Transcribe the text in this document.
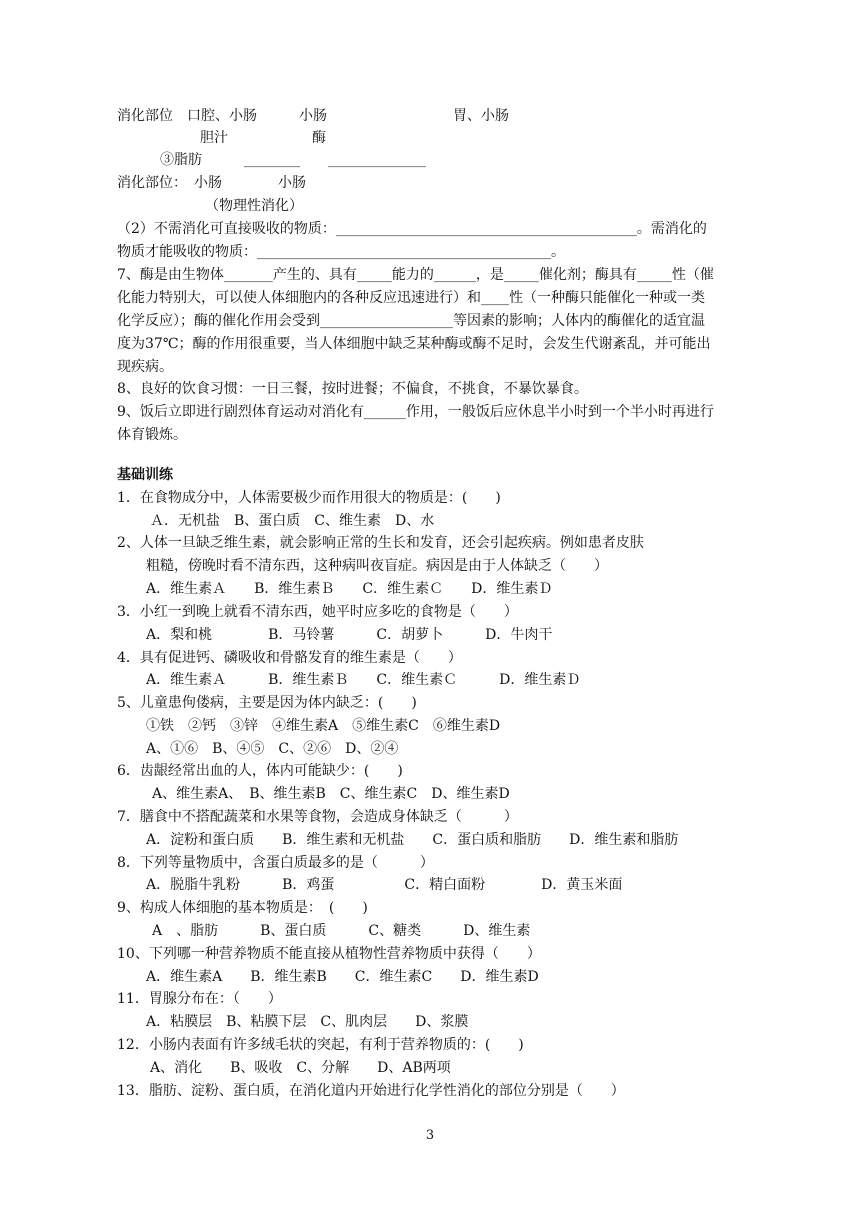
消化部位　口腔、小肠　　　小肠　　　　　　　　　胃、小肠
　　胆汁　　　　　　酶
③脂肪　　　________　　______________
消化部位：　小肠　　　　小肠
　（物理性消化）
（2）不需消化可直接吸收的物质：___________________________________________。需消化的
物质才能吸收的物质：__________________________________________。
7、酶是由生物体_______产生的、具有_____能力的______，是_____催化剂；酶具有_____性（催
化能力特别大，可以使人体细胞内的各种反应迅速进行）和____性（一种酶只能催化一种或一类
化学反应）；酶的催化作用会受到___________________等因素的影响；人体内的酶催化的适宜温
度为37℃；酶的作用很重要，当人体细胞中缺乏某种酶或酶不足时，会发生代谢紊乱，并可能出
现疾病。
8、良好的饮食习惯：一日三餐，按时进餐；不偏食，不挑食，不暴饮暴食。
9、饭后立即进行剧烈体育运动对消化有______作用，一般饭后应休息半小时到一个半小时再进行
体育锻炼。
基础训练
1．在食物成分中，人体需要极少而作用很大的物质是：(　　)
Ａ．无机盐　B、蛋白质　C、维生素　D、水
2、人体一旦缺乏维生素，就会影响正常的生长和发育，还会引起疾病。例如患者皮肤
粗糙，傍晚时看不清东西，这种病叫夜盲症。病因是由于人体缺乏（　　）
A．维生素Ａ　　B．维生素Ｂ　　C．维生素Ｃ　　D．维生素Ｄ
3．小红一到晚上就看不清东西，她平时应多吃的食物是（　　）
A．梨和桃　　　　B．马铃薯　　　C．胡萝卜　　　D．牛肉干
4．具有促进钙、磷吸收和骨骼发育的维生素是（　　）
A．维生素Ａ　　　B．维生素Ｂ　　C．维生素Ｃ　　　D．维生素Ｄ
5、儿童患佝偻病，主要是因为体内缺乏：(　　)
①铁　②钙　③锌　④维生素A　⑤维生素C　⑥维生素D
A、①⑥　B、④⑤　C、②⑥　D、②④
6．齿龈经常出血的人，体内可能缺少：(　　)
A、维生素A、　B、维生素B　C、维生素C　D、维生素D
7．膳食中不搭配蔬菜和水果等食物，会造成身体缺乏（　　　）
A．淀粉和蛋白质　　B．维生素和无机盐　　C．蛋白质和脂肪　　D．维生素和脂肪
8．下列等量物质中，含蛋白质最多的是（　　　）
A．脱脂牛乳粉　　　B．鸡蛋　　　　　C．精白面粉　　　　D．黄玉米面
9、构成人体细胞的基本物质是：　(　　)
A　、脂肪　　　B、蛋白质　　　C、糖类　　　D、维生素
10、下列哪一种营养物质不能直接从植物性营养物质中获得（　　）
A．维生素A　　B．维生素B　　C．维生素C　　D．维生素D
11．胃腺分布在：（　　）
A．粘膜层　B、粘膜下层　C、肌肉层　　D、浆膜
12．小肠内表面有许多绒毛状的突起，有利于营养物质的：(　　)
A、消化　　B、吸收　C、分解　　D、AB两项
13．脂肪、淀粉、蛋白质，在消化道内开始进行化学性消化的部位分别是（　　）
3
